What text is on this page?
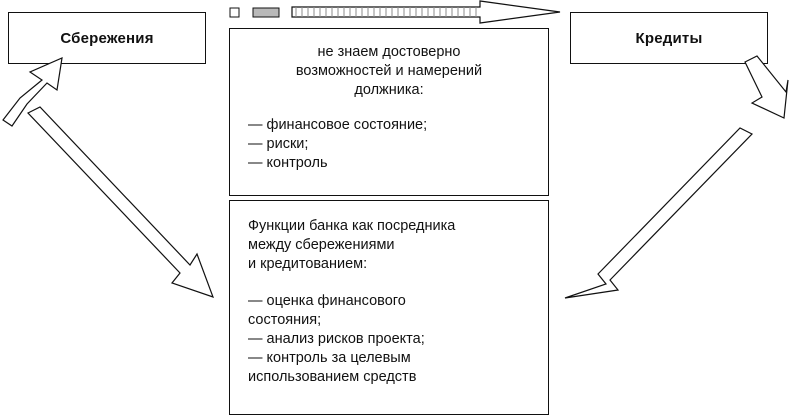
Сбережения	Кредиты
не знаем достоверно
возможностей и намерений
должника:
— финансовое состояние;
— риски;
— контроль
Функции банка как посредника
между сбережениями
и кредитованием:
— оценка финансового
состояния;
— анализ рисков проекта;
— контроль за целевым
использованием средств
